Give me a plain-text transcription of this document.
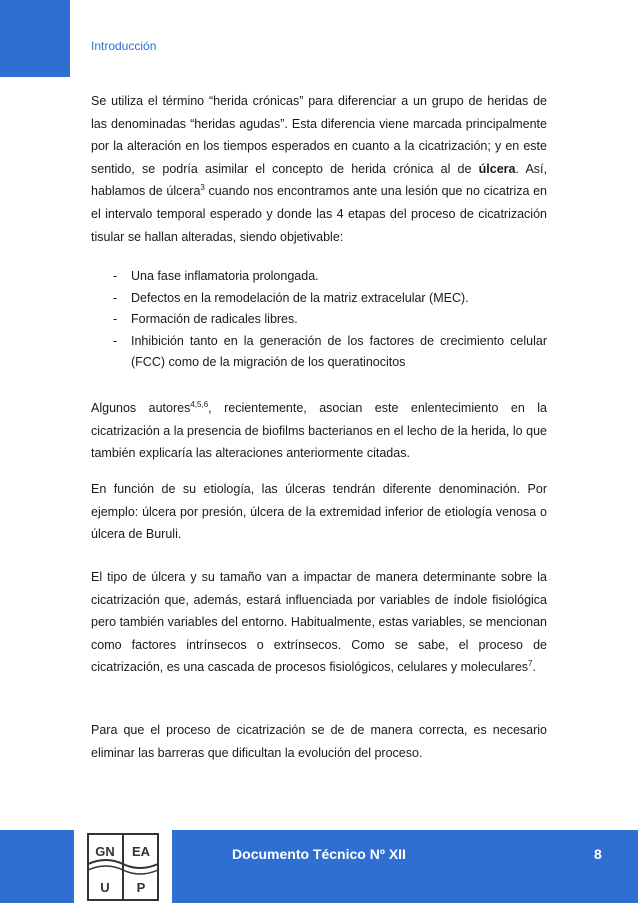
Introducción

Se utiliza el término “herida crónicas” para diferenciar a un grupo de heridas de las denominadas “heridas agudas”. Esta diferencia viene marcada principalmente por la alteración en los tiempos esperados en cuanto a la cicatrización; y en este sentido, se podría asimilar el concepto de herida crónica al de úlcera. Así, hablamos de úlcera$^3$ cuando nos encontramos ante una lesión que no cicatriza en el intervalo temporal esperado y donde las 4 etapas del proceso de cicatrización tisular se hallan alteradas, siendo objetivable:

- Una fase inflamatoria prolongada.
- Defectos en la remodelación de la matriz extracelular (MEC).
- Formación de radicales libres.
- Inhibición tanto en la generación de los factores de crecimiento celular (FCC) como de la migración de los queratinocitos

Algunos autores$^{4,5,6}$, recientemente, asocian este enlentecimiento en la cicatrización a la presencia de biofilms bacterianos en el lecho de la herida, lo que también explicaría las alteraciones anteriormente citadas.

En función de su etiología, las úlceras tendrán diferente denominación. Por ejemplo: úlcera por presión, úlcera de la extremidad inferior de etiología venosa o úlcera de Buruli.

El tipo de úlcera y su tamaño van a impactar de manera determinante sobre la cicatrización que, además, estará influenciada por variables de índole fisiológica pero también variables del entorno. Habitualmente, estas variables, se mencionan como factores intrínsecos o extrínsecos. Como se sabe, el proceso de cicatrización, es una cascada de procesos fisiológicos, celulares y moleculares$^7$.

Para que el proceso de cicatrización se de de manera correcta, es necesario eliminar las barreras que dificultan la evolución del proceso.

GN EA
U P
Documento Técnico Nº XII	8
